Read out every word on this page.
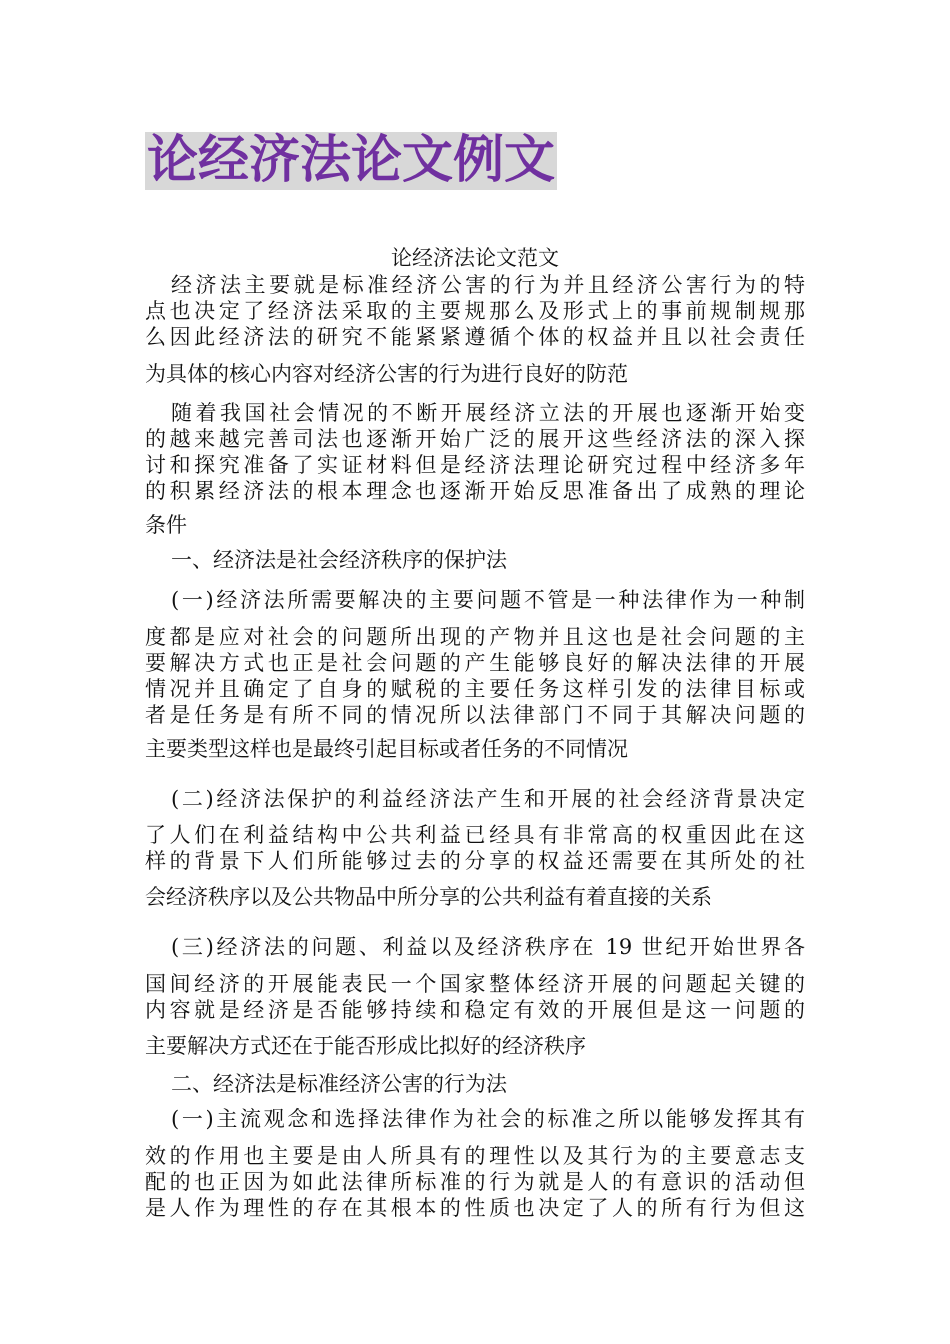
论经济法论文例文
论经济法论文范文
经济法主要就是标准经济公害的行为并且经济公害行为的特
点也决定了经济法采取的主要规那么及形式上的事前规制规那
么因此经济法的研究不能紧紧遵循个体的权益并且以社会责任
为具体的核心内容对经济公害的行为进行良好的防范
随着我国社会情况的不断开展经济立法的开展也逐渐开始变
的越来越完善司法也逐渐开始广泛的展开这些经济法的深入探
讨和探究准备了实证材料但是经济法理论研究过程中经济多年
的积累经济法的根本理念也逐渐开始反思准备出了成熟的理论
条件
一、经济法是社会经济秩序的保护法
(一)经济法所需要解决的主要问题不管是一种法律作为一种制
度都是应对社会的问题所出现的产物并且这也是社会问题的主
要解决方式也正是社会问题的产生能够良好的解决法律的开展
情况并且确定了自身的赋税的主要任务这样引发的法律目标或
者是任务是有所不同的情况所以法律部门不同于其解决问题的
主要类型这样也是最终引起目标或者任务的不同情况
(二)经济法保护的利益经济法产生和开展的社会经济背景决定
了人们在利益结构中公共利益已经具有非常高的权重因此在这
样的背景下人们所能够过去的分享的权益还需要在其所处的社
会经济秩序以及公共物品中所分享的公共利益有着直接的关系
(三)经济法的问题、利益以及经济秩序在 19 世纪开始世界各
国间经济的开展能表民一个国家整体经济开展的问题起关键的
内容就是经济是否能够持续和稳定有效的开展但是这一问题的
主要解决方式还在于能否形成比拟好的经济秩序
二、经济法是标准经济公害的行为法
(一)主流观念和选择法律作为社会的标准之所以能够发挥其有
效的作用也主要是由人所具有的理性以及其行为的主要意志支
配的也正因为如此法律所标准的行为就是人的有意识的活动但
是人作为理性的存在其根本的性质也决定了人的所有行为但这
